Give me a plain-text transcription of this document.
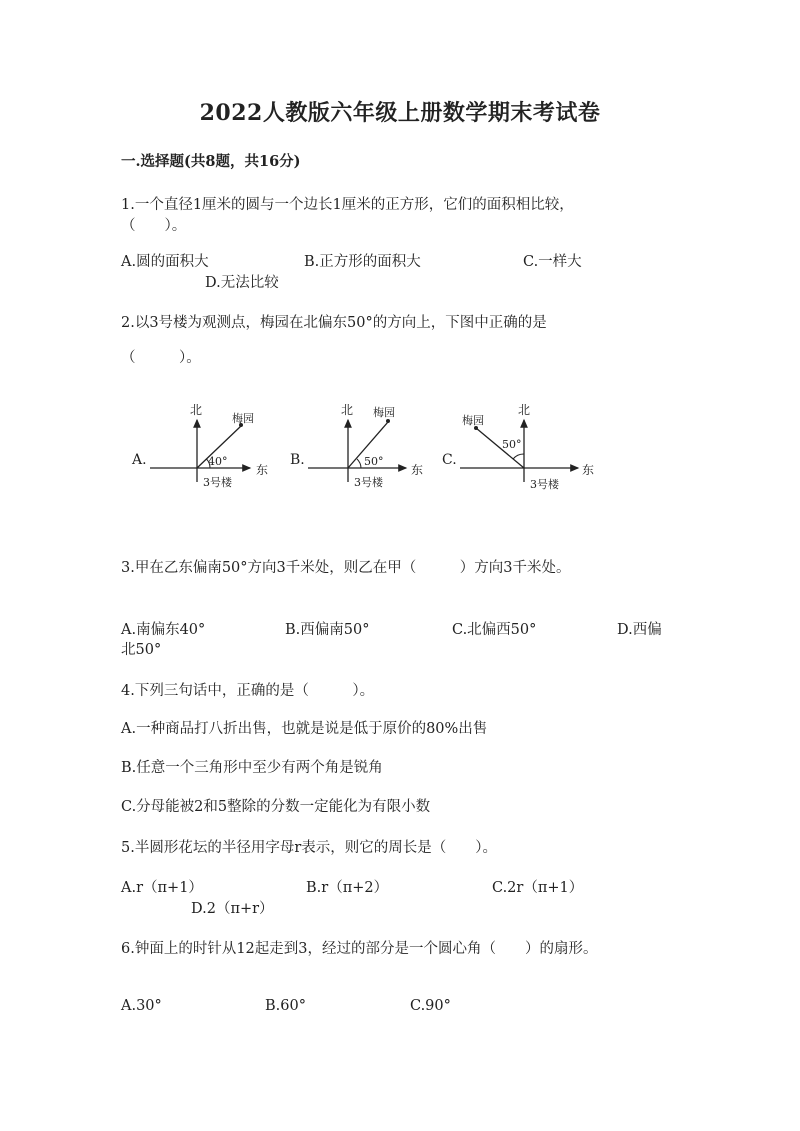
2022人教版六年级上册数学期末考试卷
一.选择题(共8题，共16分)
1.一个直径1厘米的圆与一个边长1厘米的正方形，它们的面积相比较，
（　　）。
A.圆的面积大	B.正方形的面积大	C.一样大
D.无法比较
2.以3号楼为观测点，梅园在北偏东50°的方向上，下图中正确的是
（　　　）。
A.
北
东
梅园
40°
3号楼
B.
北
东
梅园
50°
3号楼
C.
北
东
梅园
50°
3号楼
3.甲在乙东偏南50°方向3千米处，则乙在甲（　　　）方向3千米处。
A.南偏东40°	B.西偏南50°	C.北偏西50°	D.西偏
北50°
4.下列三句话中，正确的是（　　　）。
A.一种商品打八折出售，也就是说是低于原价的80%出售
B.任意一个三角形中至少有两个角是锐角
C.分母能被2和5整除的分数一定能化为有限小数
5.半圆形花坛的半径用字母r表示，则它的周长是（　　）。
A.r（π+1）	B.r（π+2）	C.2r（π+1）
D.2（π+r）
6.钟面上的时针从12起走到3，经过的部分是一个圆心角（　　）的扇形。
A.30°	B.60°	C.90°
